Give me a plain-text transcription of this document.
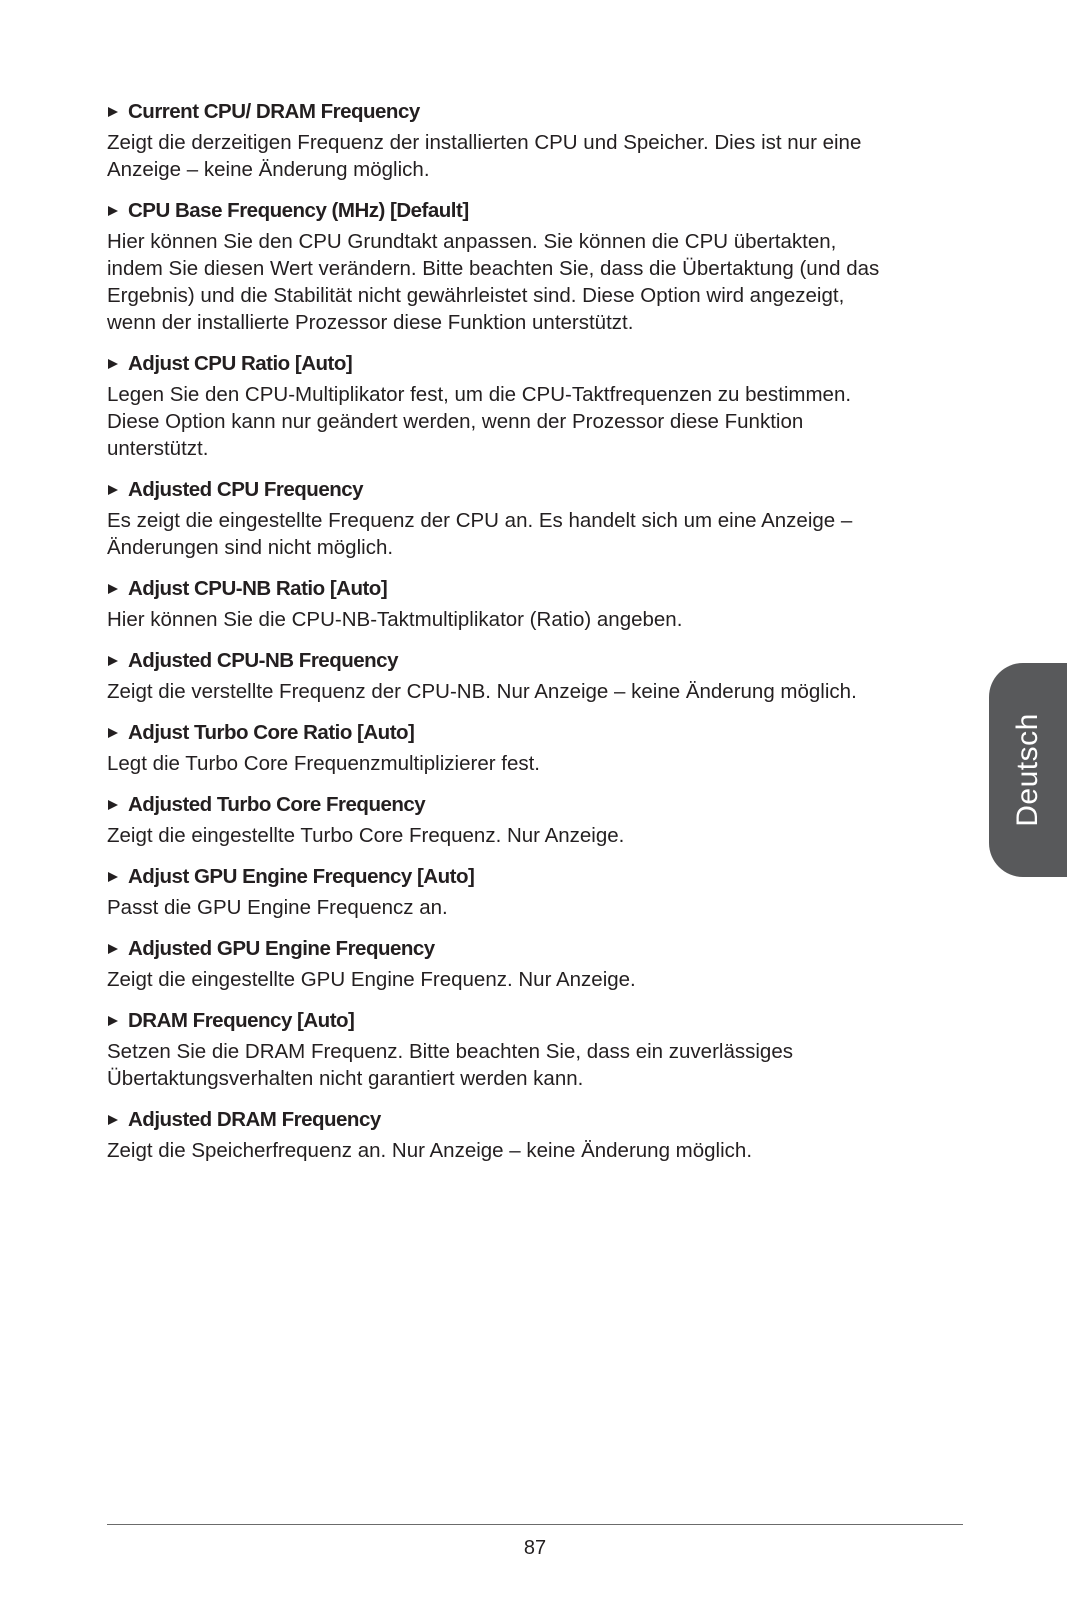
Current CPU/ DRAM Frequency
Zeigt die derzeitigen Frequenz der installierten CPU und Speicher. Dies ist nur eine
Anzeige – keine Änderung möglich.
CPU Base Frequency (MHz) [Default]
Hier können Sie den CPU Grundtakt anpassen. Sie können die CPU übertakten,
indem Sie diesen Wert verändern. Bitte beachten Sie, dass die Übertaktung (und das
Ergebnis) und die Stabilität nicht gewährleistet sind. Diese Option wird angezeigt,
wenn der installierte Prozessor diese Funktion unterstützt.
Adjust CPU Ratio [Auto]
Legen Sie den CPU-Multiplikator fest, um die CPU-Taktfrequenzen zu bestimmen.
Diese Option kann nur geändert werden, wenn der Prozessor diese Funktion
unterstützt.
Adjusted CPU Frequency
Es zeigt die eingestellte Frequenz der CPU an. Es handelt sich um eine Anzeige –
Änderungen sind nicht möglich.
Adjust CPU-NB Ratio [Auto]
Hier können Sie die CPU-NB-Taktmultiplikator (Ratio) angeben.
Adjusted CPU-NB Frequency
Zeigt die verstellte Frequenz der CPU-NB. Nur Anzeige – keine Änderung möglich.
Adjust Turbo Core Ratio [Auto]
Legt die Turbo Core Frequenzmultiplizierer fest.
Adjusted Turbo Core Frequency
Zeigt die eingestellte Turbo Core Frequenz. Nur Anzeige.
Adjust GPU Engine Frequency [Auto]
Passt die GPU Engine Frequencz an.
Adjusted GPU Engine Frequency
Zeigt die eingestellte GPU Engine Frequenz. Nur Anzeige.
DRAM Frequency [Auto]
Setzen Sie die DRAM Frequenz. Bitte beachten Sie, dass ein zuverlässiges
Übertaktungsverhalten nicht garantiert werden kann.
Adjusted DRAM Frequency
Zeigt die Speicherfrequenz an. Nur Anzeige – keine Änderung möglich.
Deutsch
87
